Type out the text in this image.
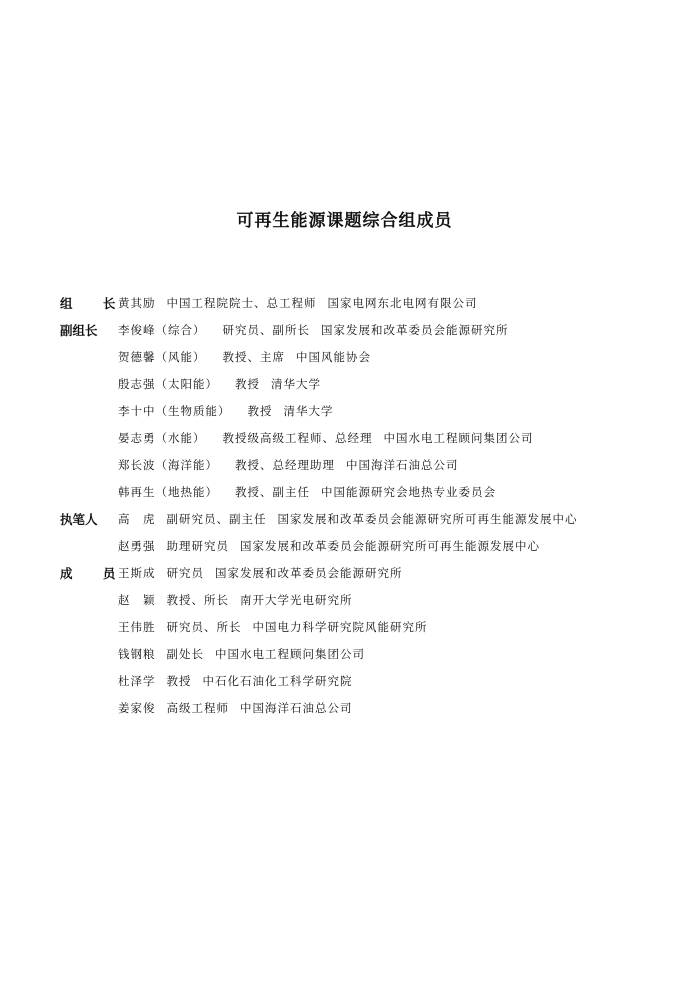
可再生能源课题综合组成员
组 长
黄其励 中国工程院院士、总工程师 国家电网东北电网有限公司
副组长	李俊峰（综合） 研究员、副所长 国家发展和改革委员会能源研究所
贺德馨（风能） 教授、主席 中国风能协会
殷志强（太阳能） 教授 清华大学
李十中（生物质能） 教授 清华大学
晏志勇（水能） 教授级高级工程师、总经理 中国水电工程顾问集团公司
郑长波（海洋能） 教授、总经理助理 中国海洋石油总公司
韩再生（地热能） 教授、副主任 中国能源研究会地热专业委员会
执笔人	高　虎 副研究员、副主任 国家发展和改革委员会能源研究所可再生能源发展中心
赵勇强 助理研究员 国家发展和改革委员会能源研究所可再生能源发展中心
成 员
王斯成 研究员 国家发展和改革委员会能源研究所
赵　颖 教授、所长 南开大学光电研究所
王伟胜 研究员、所长 中国电力科学研究院风能研究所
钱钢粮 副处长 中国水电工程顾问集团公司
杜泽学 教授 中石化石油化工科学研究院
姜家俊 高级工程师 中国海洋石油总公司
